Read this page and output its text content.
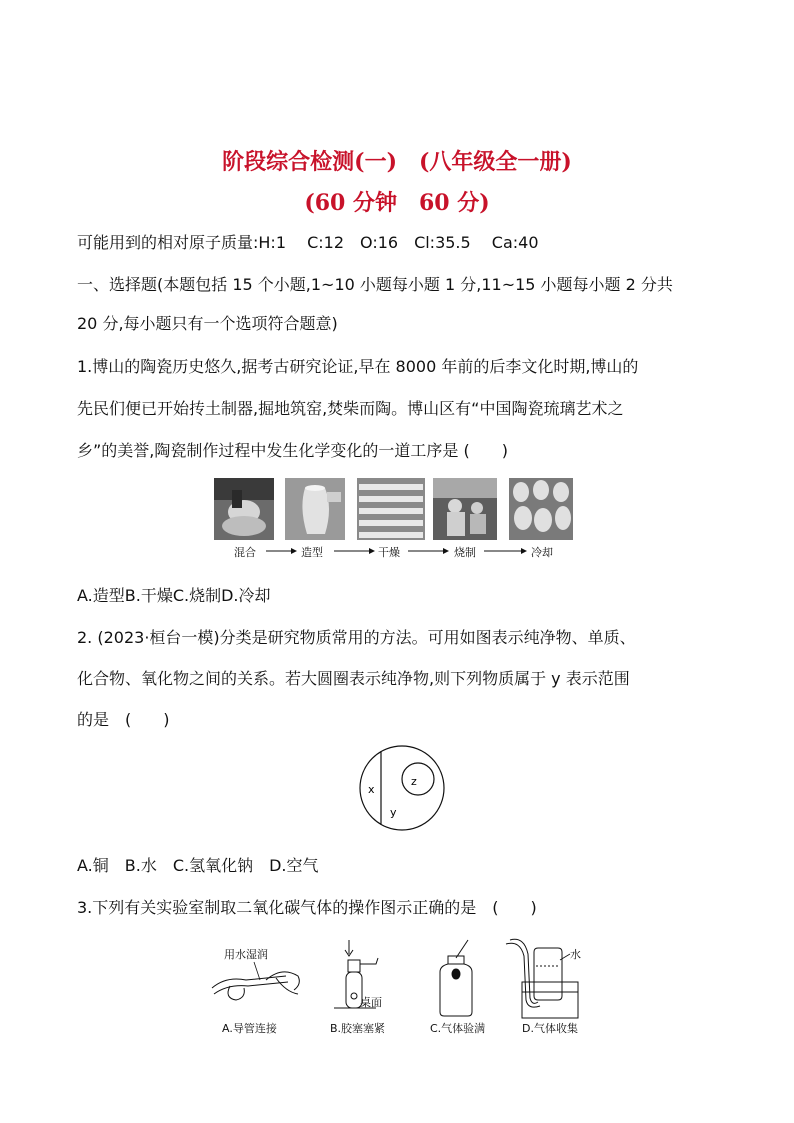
阶段综合检测(一)　(八年级全一册)
(60 分钟　60 分)
可能用到的相对原子质量:H:1　 C:12　O:16　Cl:35.5　 Ca:40
一、选择题(本题包括 15 个小题,1~10 小题每小题 1 分,11~15 小题每小题 2 分共
20 分,每小题只有一个选项符合题意)
1.博山的陶瓷历史悠久,据考古研究论证,早在 8000 年前的后李文化时期,博山的
先民们便已开始抟土制器,掘地筑窑,焚柴而陶。博山区有“中国陶瓷琉璃艺术之
乡”的美誉,陶瓷制作过程中发生化学变化的一道工序是 (　　)
混合	造型	干燥	烧制	冷却
A.造型B.干燥C.烧制D.冷却
2. (2023·桓台一模)分类是研究物质常用的方法。可用如图表示纯净物、单质、
化合物、氧化物之间的关系。若大圆圈表示纯净物,则下列物质属于 y 表示范围
的是　(　　)
x
y
z
A.铜　B.水　C.氢氧化钠　D.空气
3.下列有关实验室制取二氧化碳气体的操作图示正确的是　(　　)
用水湿润
A.导管连接
桌面
B.胶塞塞紧	C.气体验满
水
D.气体收集
